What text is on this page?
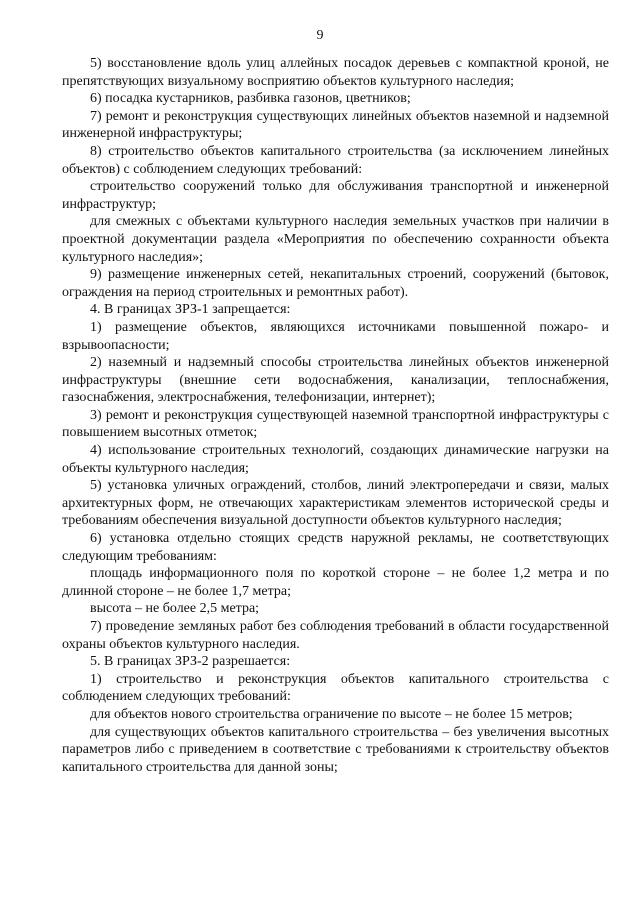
9

5) восстановление вдоль улиц аллейных посадок деревьев с компактной кроной, не препятствующих визуальному восприятию объектов культурного наследия;

6) посадка кустарников, разбивка газонов, цветников;

7) ремонт и реконструкция существующих линейных объектов наземной и надземной инженерной инфраструктуры;

8) строительство объектов капитального строительства (за исключением линейных объектов) с соблюдением следующих требований:

строительство сооружений только для обслуживания транспортной и инженерной инфраструктур;

для смежных с объектами культурного наследия земельных участков при наличии в проектной документации раздела «Мероприятия по обеспечению сохранности объекта культурного наследия»;

9) размещение инженерных сетей, некапитальных строений, сооружений (бытовок, ограждения на период строительных и ремонтных работ).

4. В границах ЗРЗ-1 запрещается:

1) размещение объектов, являющихся источниками повышенной пожаро- и взрывоопасности;

2) наземный и надземный способы строительства линейных объектов инженерной инфраструктуры (внешние сети водоснабжения, канализации, теплоснабжения, газоснабжения, электроснабжения, телефонизации, интернет);

3) ремонт и реконструкция существующей наземной транспортной инфраструктуры с повышением высотных отметок;

4) использование строительных технологий, создающих динамические нагрузки на объекты культурного наследия;

5) установка уличных ограждений, столбов, линий электропередачи и связи, малых архитектурных форм, не отвечающих характеристикам элементов исторической среды и требованиям обеспечения визуальной доступности объектов культурного наследия;

6) установка отдельно стоящих средств наружной рекламы, не соответствующих следующим требованиям:

площадь информационного поля по короткой стороне – не более 1,2 метра и по длинной стороне – не более 1,7 метра;

высота – не более 2,5 метра;

7) проведение земляных работ без соблюдения требований в области государственной охраны объектов культурного наследия.

5. В границах ЗРЗ-2 разрешается:

1) строительство и реконструкция объектов капитального строительства с соблюдением следующих требований:

для объектов нового строительства ограничение по высоте – не более 15 метров;

для существующих объектов капитального строительства – без увеличения высотных параметров либо с приведением в соответствие с требованиями к строительству объектов капитального строительства для данной зоны;
